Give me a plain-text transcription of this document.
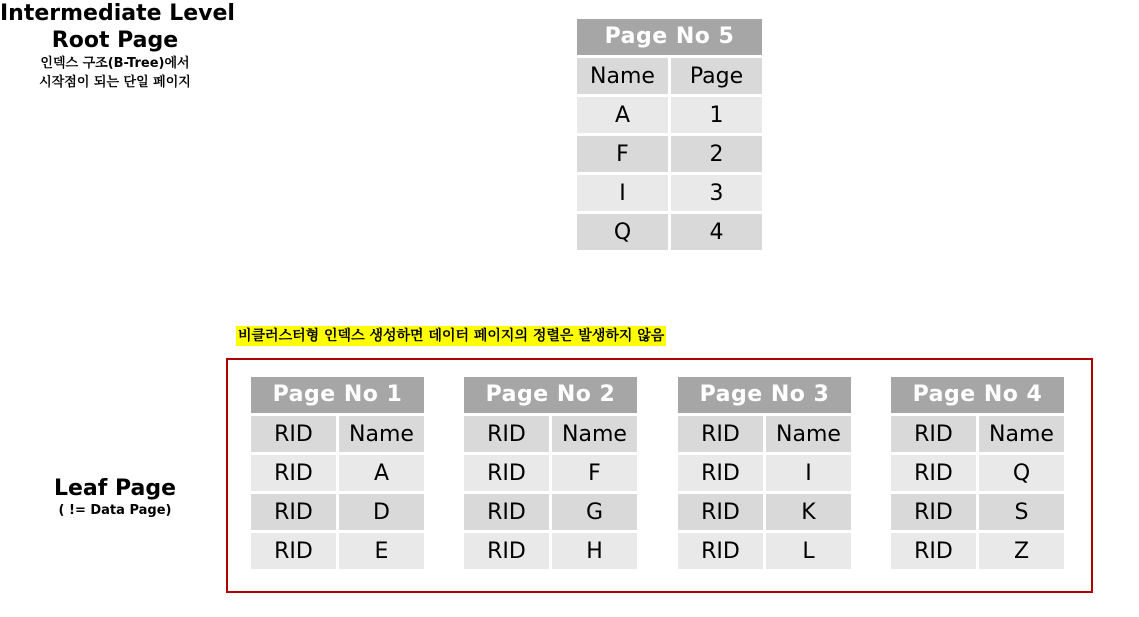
Root Page
인덱스 구조(B-Tree)에서
시작점이 되는 단일 페이지
Intermediate Level
Leaf Page
( != Data Page)
비클러스터형 인덱스 생성하면 데이터 페이지의 정렬은 발생하지 않음
Page No 5
Name	Page
A	1
F	2
I	3
Q	4
Page No 1
RID	Name
RID	A
RID	D
RID	E
Page No 2
RID	Name
RID	F
RID	G
RID	H
Page No 3
RID	Name
RID	I
RID	K
RID	L
Page No 4
RID	Name
RID	Q
RID	S
RID	Z
